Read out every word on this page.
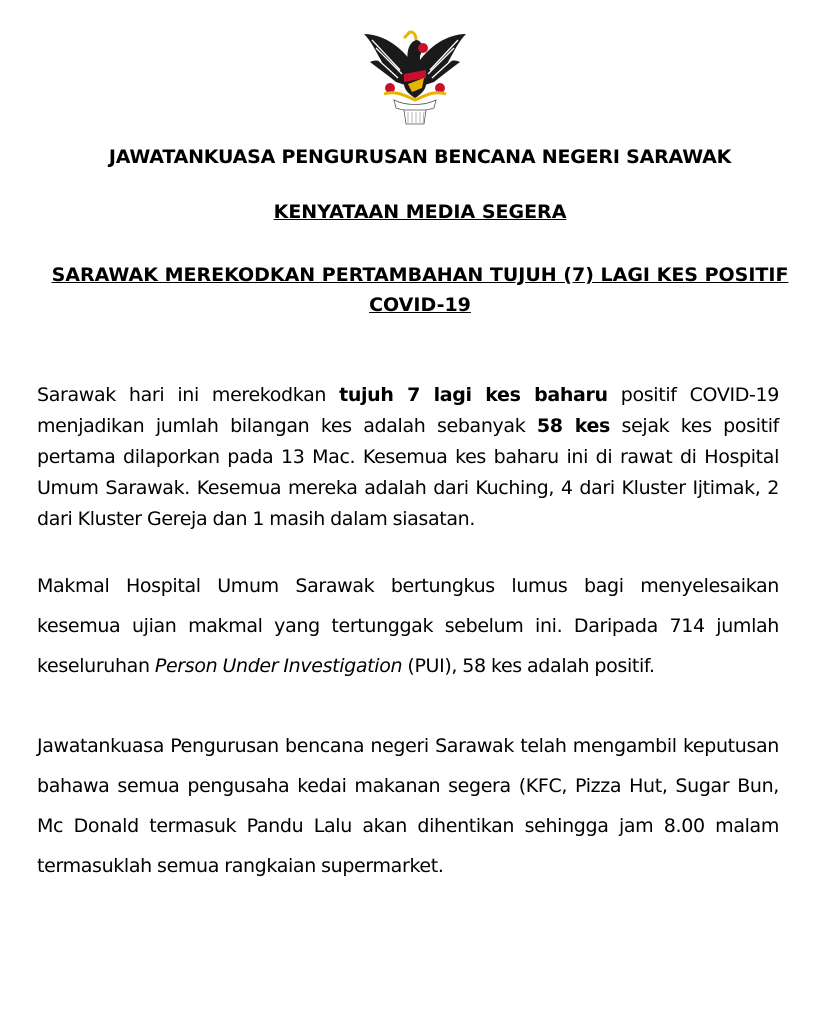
JAWATANKUASA PENGURUSAN BENCANA NEGERI SARAWAK
KENYATAAN MEDIA SEGERA
SARAWAK MEREKODKAN PERTAMBAHAN TUJUH (7) LAGI KES POSITIF COVID-19
Sarawak hari ini merekodkan tujuh 7 lagi kes baharu positif COVID-19 menjadikan jumlah bilangan kes adalah sebanyak 58 kes sejak kes positif pertama dilaporkan pada 13 Mac. Kesemua kes baharu ini di rawat di Hospital Umum Sarawak. Kesemua mereka adalah dari Kuching, 4 dari Kluster Ijtimak, 2 dari Kluster Gereja dan 1 masih dalam siasatan.
Makmal Hospital Umum Sarawak bertungkus lumus bagi menyelesaikan kesemua ujian makmal yang tertunggak sebelum ini. Daripada 714 jumlah keseluruhan Person Under Investigation (PUI), 58 kes adalah positif.
Jawatankuasa Pengurusan bencana negeri Sarawak telah mengambil keputusan bahawa semua pengusaha kedai makanan segera (KFC, Pizza Hut, Sugar Bun, Mc Donald termasuk Pandu Lalu akan dihentikan sehingga jam 8.00 malam termasuklah semua rangkaian supermarket.
